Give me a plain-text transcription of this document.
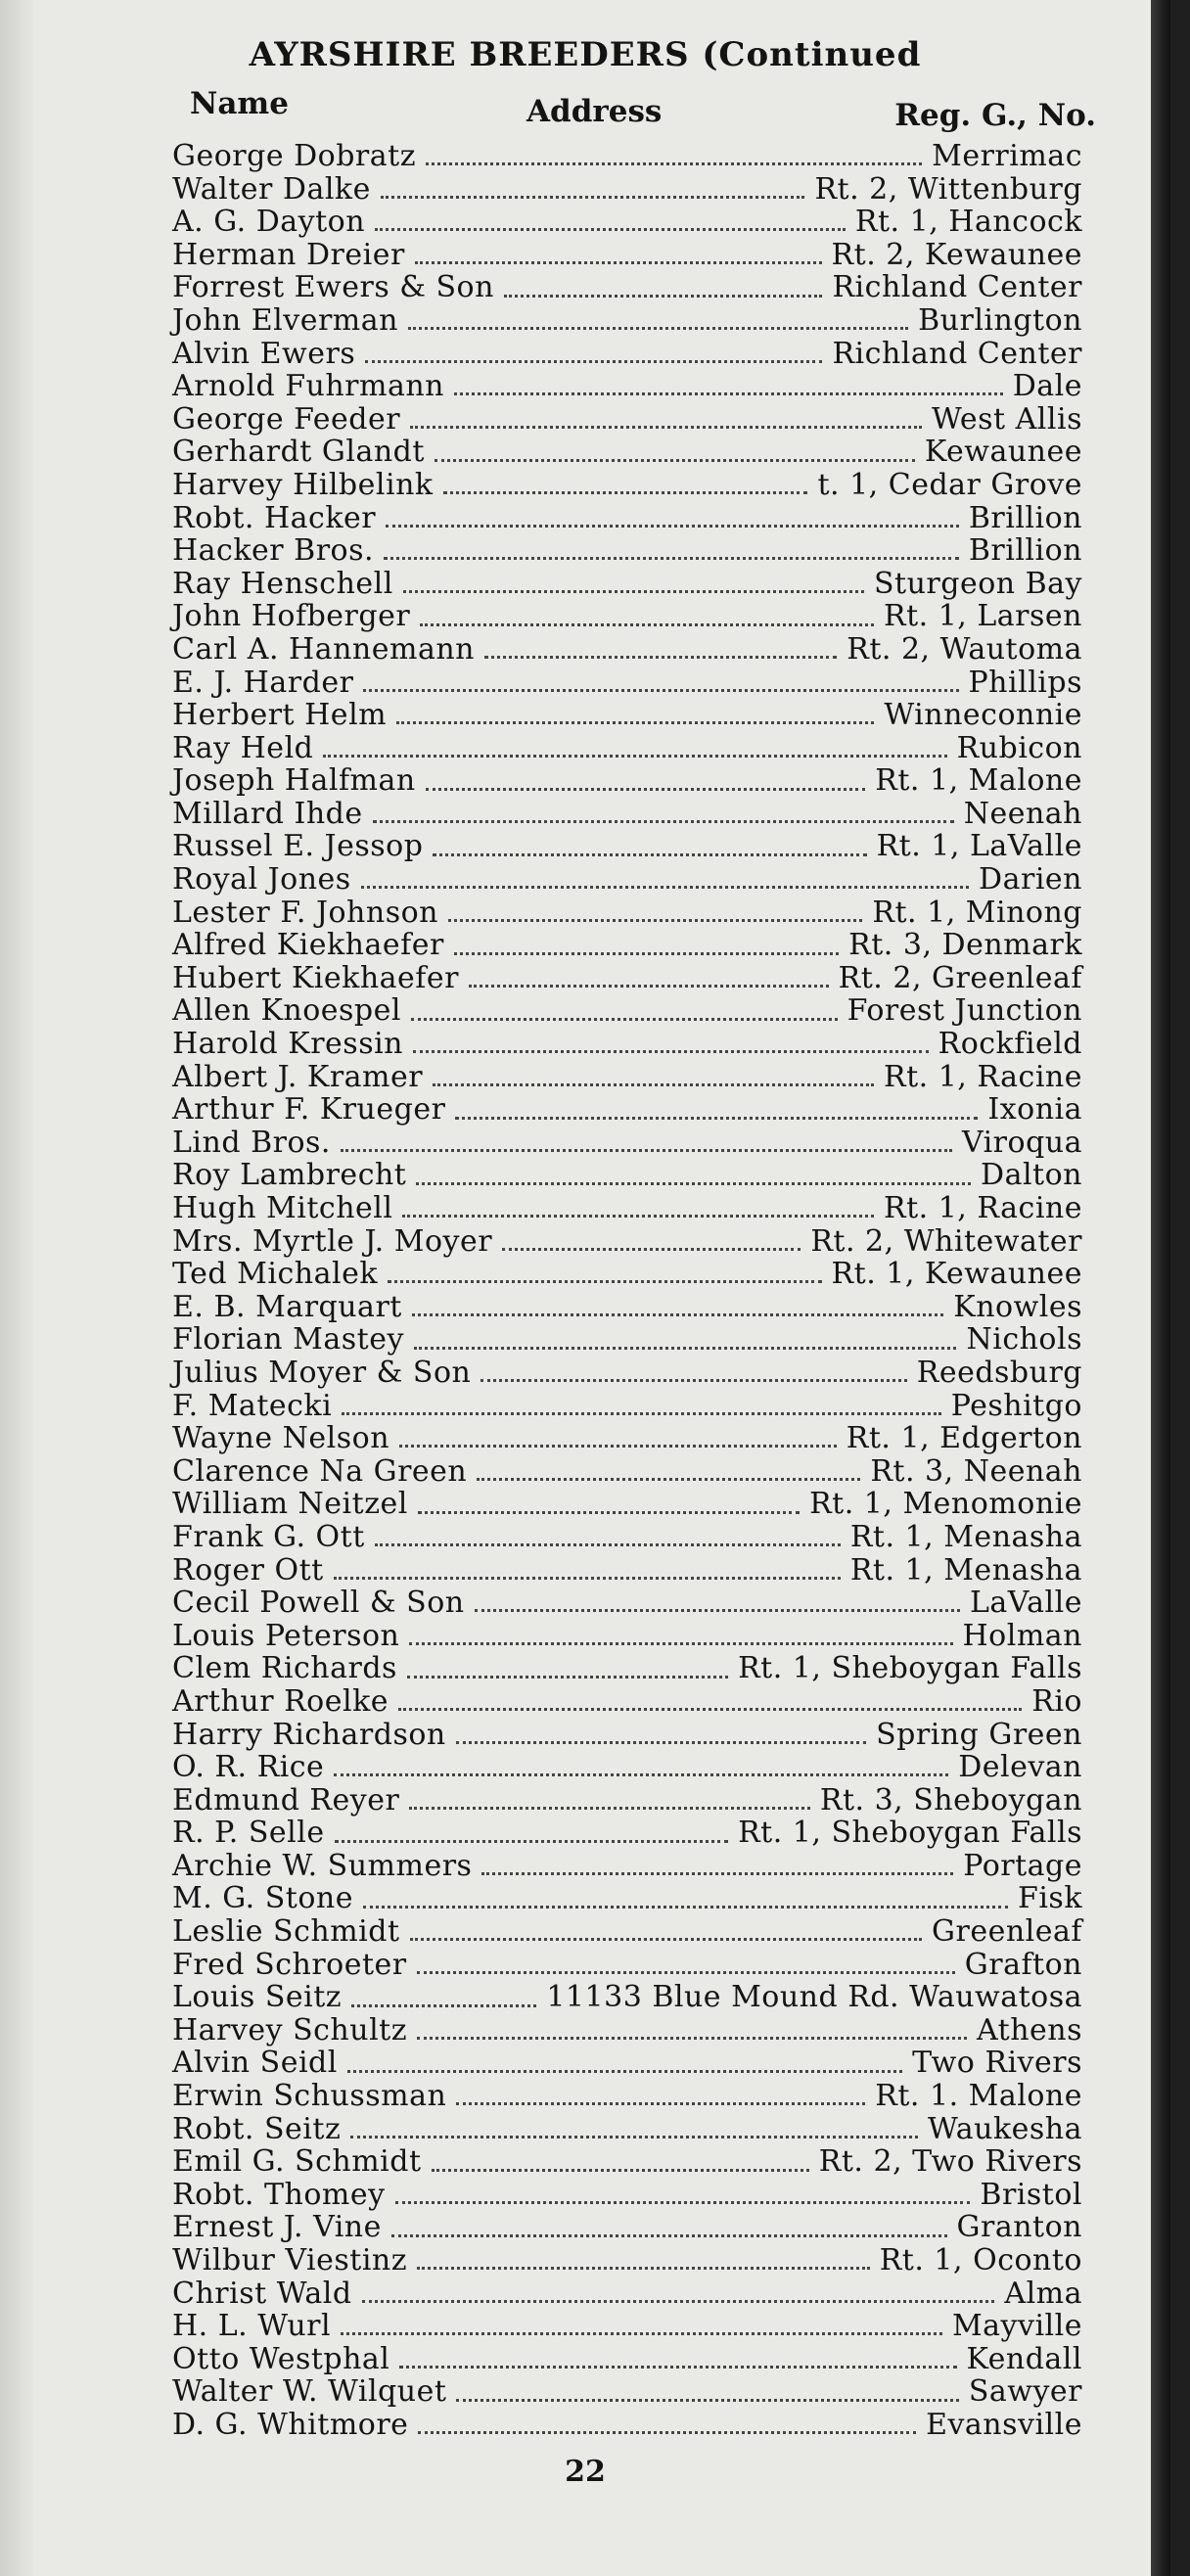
AYRSHIRE BREEDERS (Continued
Name	Address	Reg. G., No.
George Dobratz	Merrimac
Walter Dalke	Rt. 2, Wittenburg
A. G. Dayton	Rt. 1, Hancock
Herman Dreier	Rt. 2, Kewaunee
Forrest Ewers & Son	Richland Center
John Elverman	Burlington
Alvin Ewers	Richland Center
Arnold Fuhrmann	Dale
George Feeder	West Allis
Gerhardt Glandt	Kewaunee
Harvey Hilbelink	t. 1, Cedar Grove
Robt. Hacker	Brillion
Hacker Bros.	Brillion
Ray Henschell	Sturgeon Bay
John Hofberger	Rt. 1, Larsen
Carl A. Hannemann	Rt. 2, Wautoma
E. J. Harder	Phillips
Herbert Helm	Winneconnie
Ray Held	Rubicon
Joseph Halfman	Rt. 1, Malone
Millard Ihde	Neenah
Russel E. Jessop	Rt. 1, LaValle
Royal Jones	Darien
Lester F. Johnson	Rt. 1, Minong
Alfred Kiekhaefer	Rt. 3, Denmark
Hubert Kiekhaefer	Rt. 2, Greenleaf
Allen Knoespel	Forest Junction
Harold Kressin	Rockfield
Albert J. Kramer	Rt. 1, Racine
Arthur F. Krueger	Ixonia
Lind Bros.	Viroqua
Roy Lambrecht	Dalton
Hugh Mitchell	Rt. 1, Racine
Mrs. Myrtle J. Moyer	Rt. 2, Whitewater
Ted Michalek	Rt. 1, Kewaunee
E. B. Marquart	Knowles
Florian Mastey	Nichols
Julius Moyer & Son	Reedsburg
F. Matecki	Peshitgo
Wayne Nelson	Rt. 1, Edgerton
Clarence Na Green	Rt. 3, Neenah
William Neitzel	Rt. 1, Menomonie
Frank G. Ott	Rt. 1, Menasha
Roger Ott	Rt. 1, Menasha
Cecil Powell & Son	LaValle
Louis Peterson	Holman
Clem Richards	Rt. 1, Sheboygan Falls
Arthur Roelke	Rio
Harry Richardson	Spring Green
O. R. Rice	Delevan
Edmund Reyer	Rt. 3, Sheboygan
R. P. Selle	Rt. 1, Sheboygan Falls
Archie W. Summers	Portage
M. G. Stone	Fisk
Leslie Schmidt	Greenleaf
Fred Schroeter	Grafton
Louis Seitz	11133 Blue Mound Rd. Wauwatosa
Harvey Schultz	Athens
Alvin Seidl	Two Rivers
Erwin Schussman	Rt. 1. Malone
Robt. Seitz	Waukesha
Emil G. Schmidt	Rt. 2, Two Rivers
Robt. Thomey	Bristol
Ernest J. Vine	Granton
Wilbur Viestinz	Rt. 1, Oconto
Christ Wald	Alma
H. L. Wurl	Mayville
Otto Westphal	Kendall
Walter W. Wilquet	Sawyer
D. G. Whitmore	Evansville
22
